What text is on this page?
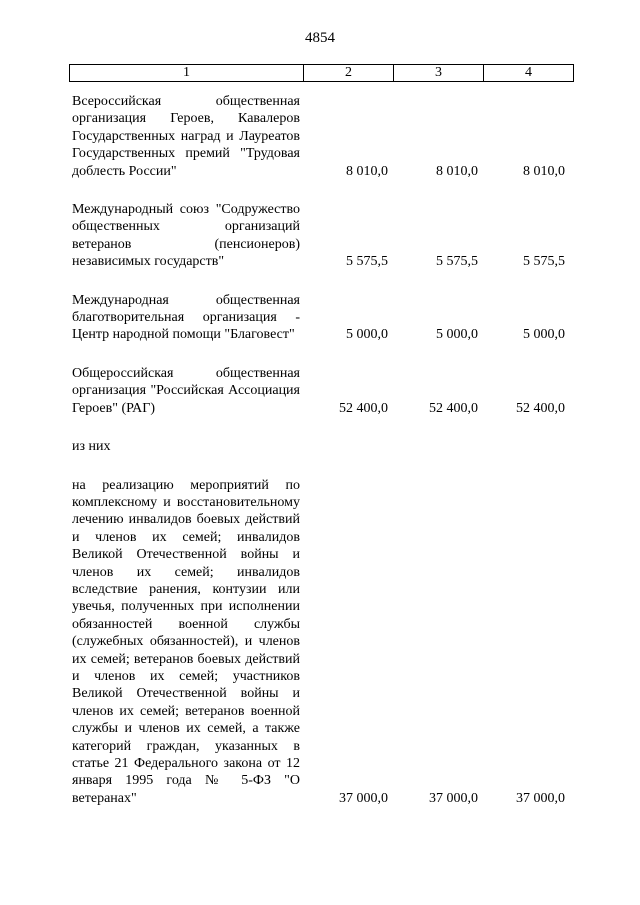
4854
1	2	3	4
Всероссийская общественная организация Героев, Кавалеров Государственных наград и Лауреатов Государственных премий "Трудовая доблесть России"	8 010,0	8 010,0	8 010,0
Международный союз "Содружество общественных организаций ветеранов (пенсионеров) независимых государств"	5 575,5	5 575,5	5 575,5
Международная общественная благотворительная организация - Центр народной помощи "Благовест"	5 000,0	5 000,0	5 000,0
Общероссийская общественная организация "Российская Ассоциация Героев" (РАГ)	52 400,0	52 400,0	52 400,0
из них
на реализацию мероприятий по комплексному и восстановительному лечению инвалидов боевых действий и членов их семей; инвалидов Великой Отечественной войны и членов их семей; инвалидов вследствие ранения, контузии или увечья, полученных при исполнении обязанностей военной службы (служебных обязанностей), и членов их семей; ветеранов боевых действий и членов их семей; участников Великой Отечественной войны и членов их семей; ветеранов военной службы и членов их семей, а также категорий граждан, указанных в статье 21 Федерального закона от 12 января 1995 года № 5-ФЗ "О ветеранах"	37 000,0	37 000,0	37 000,0
